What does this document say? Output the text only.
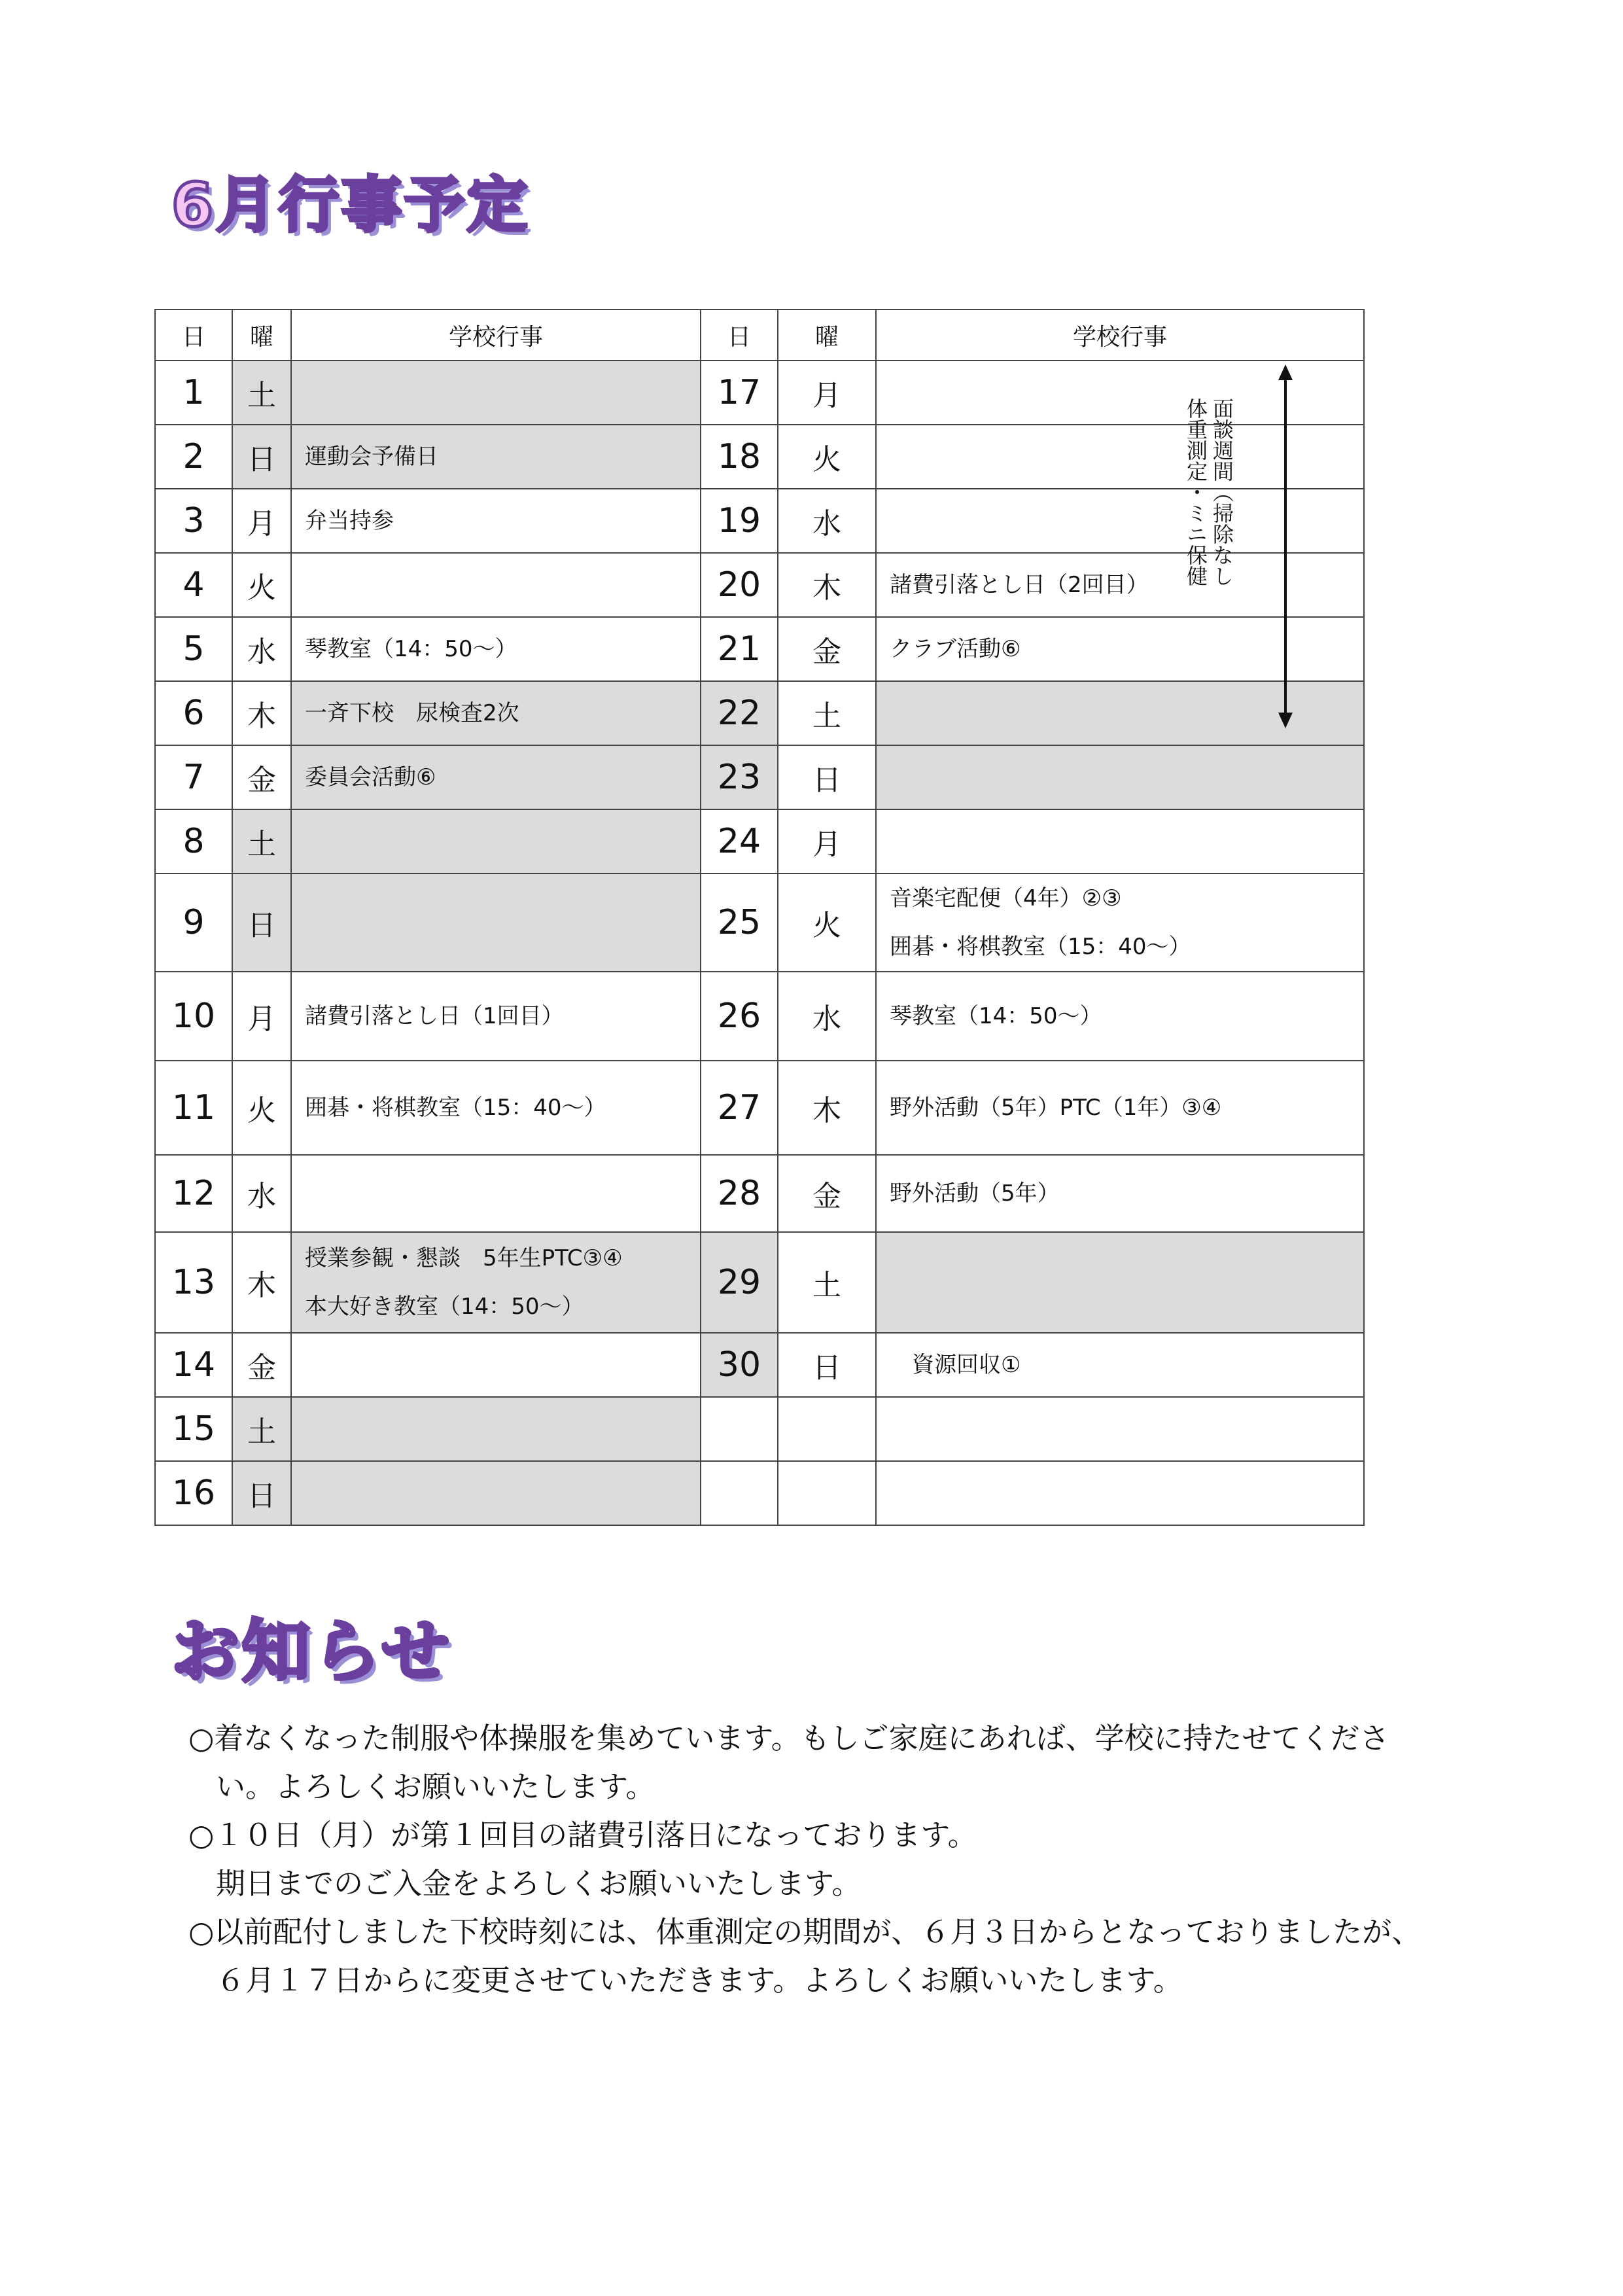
6月行事予定
日	曜	学校行事	日	曜	学校行事
1	土		17	月	
2	日	運動会予備日	18	火	
3	月	弁当持参	19	水	
4	火		20	木	諸費引落とし日（2回目）

5	水	琴教室（14：50～）	21	金	クラブ活動⑥

6	木	一斉下校　尿検査2次	22	土	
7	金	委員会活動⑥	23	日	
8	土		24	月	
9	日		25	火	音楽宅配便（4年）②③
囲碁・将棋教室（15：40～）

10	月	諸費引落とし日（1回目）	26	水	琴教室（14：50～）

11	火	囲碁・将棋教室（15：40～）	27	木	野外活動（5年）PTC（1年）③④

12	水		28	金	野外活動（5年）

13	木	授業参観・懇談　5年生PTC③④
本大好き教室（14：50～）	29	土	
14	金		30	日	　資源回収①

15	土				
16	日				
面談週間（掃除なし
体重測定・ミニ保健
お知らせ
○着なくなった制服や体操服を集めています。もしご家庭にあれば、学校に持たせてくださ
い。よろしくお願いいたします。
○１０日（月）が第１回目の諸費引落日になっております。
期日までのご入金をよろしくお願いいたします。
○以前配付しました下校時刻には、体重測定の期間が、６月３日からとなっておりましたが、
６月１７日からに変更させていただきます。よろしくお願いいたします。
